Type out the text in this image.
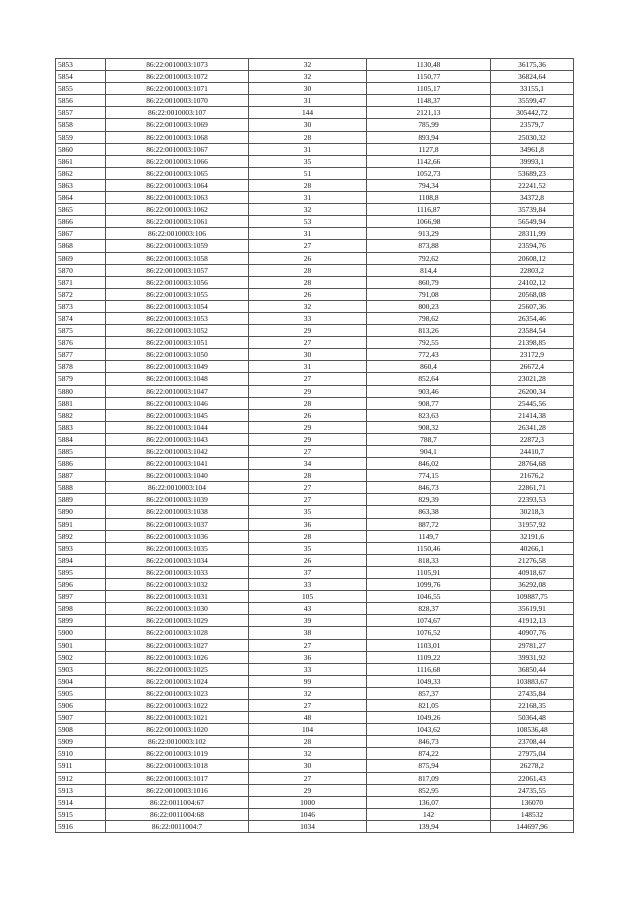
5853	86:22:0010003:1073	32	1130,48	36175,36
5854	86:22:0010003:1072	32	1150,77	36824,64
5855	86:22:0010003:1071	30	1105,17	33155,1
5856	86:22:0010003:1070	31	1148,37	35599,47
5857	86:22:0010003:107	144	2121,13	305442,72
5858	86:22:0010003:1069	30	785,99	23579,7
5859	86:22:0010003:1068	28	893,94	25030,32
5860	86:22:0010003:1067	31	1127,8	34961,8
5861	86:22:0010003:1066	35	1142,66	39993,1
5862	86:22:0010003:1065	51	1052,73	53689,23
5863	86:22:0010003:1064	28	794,34	22241,52
5864	86:22:0010003:1063	31	1108,8	34372,8
5865	86:22:0010003:1062	32	1116,87	35739,84
5866	86:22:0010003:1061	53	1066,98	56549,94
5867	86:22:0010003:106	31	913,29	28311,99
5868	86:22:0010003:1059	27	873,88	23594,76
5869	86:22:0010003:1058	26	792,62	20608,12
5870	86:22:0010003:1057	28	814,4	22803,2
5871	86:22:0010003:1056	28	860,79	24102,12
5872	86:22:0010003:1055	26	791,08	20568,08
5873	86:22:0010003:1054	32	800,23	25607,36
5874	86:22:0010003:1053	33	798,62	26354,46
5875	86:22:0010003:1052	29	813,26	23584,54
5876	86:22:0010003:1051	27	792,55	21398,85
5877	86:22:0010003:1050	30	772,43	23172,9
5878	86:22:0010003:1049	31	860,4	26672,4
5879	86:22:0010003:1048	27	852,64	23021,28
5880	86:22:0010003:1047	29	903,46	26200,34
5881	86:22:0010003:1046	28	908,77	25445,56
5882	86:22:0010003:1045	26	823,63	21414,38
5883	86:22:0010003:1044	29	908,32	26341,28
5884	86:22:0010003:1043	29	788,7	22872,3
5885	86:22:0010003:1042	27	904,1	24410,7
5886	86:22:0010003:1041	34	846,02	28764,68
5887	86:22:0010003:1040	28	774,15	21676,2
5888	86:22:0010003:104	27	846,73	22861,71
5889	86:22:0010003:1039	27	829,39	22393,53
5890	86:22:0010003:1038	35	863,38	30218,3
5891	86:22:0010003:1037	36	887,72	31957,92
5892	86:22:0010003:1036	28	1149,7	32191,6
5893	86:22:0010003:1035	35	1150,46	40266,1
5894	86:22:0010003:1034	26	818,33	21276,58
5895	86:22:0010003:1033	37	1105,91	40918,67
5896	86:22:0010003:1032	33	1099,76	36292,08
5897	86:22:0010003:1031	105	1046,55	109887,75
5898	86:22:0010003:1030	43	828,37	35619,91
5899	86:22:0010003:1029	39	1074,67	41912,13
5900	86:22:0010003:1028	38	1076,52	40907,76
5901	86:22:0010003:1027	27	1103,01	29781,27
5902	86:22:0010003:1026	36	1109,22	39931,92
5903	86:22:0010003:1025	33	1116,68	36850,44
5904	86:22:0010003:1024	99	1049,33	103883,67
5905	86:22:0010003:1023	32	857,37	27435,84
5906	86:22:0010003:1022	27	821,05	22168,35
5907	86:22:0010003:1021	48	1049,26	50364,48
5908	86:22:0010003:1020	104	1043,62	108536,48
5909	86:22:0010003:102	28	846,73	23708,44
5910	86:22:0010003:1019	32	874,22	27975,04
5911	86:22:0010003:1018	30	875,94	26278,2
5912	86:22:0010003:1017	27	817,09	22061,43
5913	86:22:0010003:1016	29	852,95	24735,55
5914	86:22:0011004:67	1000	136,07	136070
5915	86:22:0011004:68	1046	142	148532
5916	86:22:0011004:7	1034	139,94	144697,96
